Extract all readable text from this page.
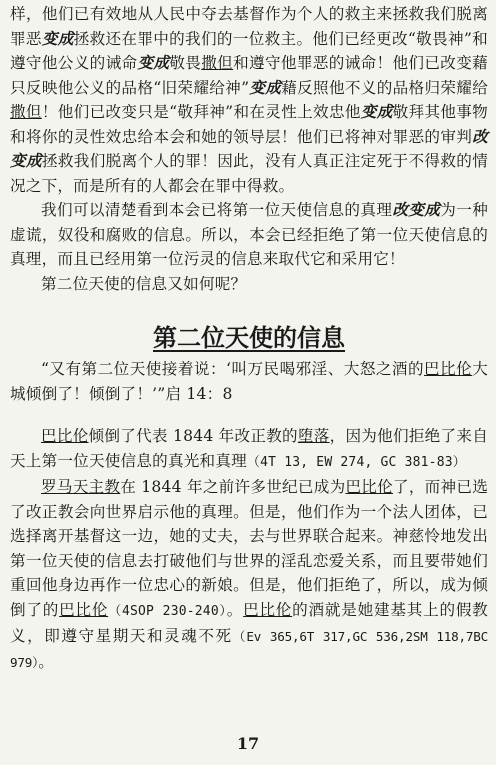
样，他们已有效地从人民中夺去基督作为个人的救主来拯救我们脱离罪恶变成拯救还在罪中的我们的一位救主。他们已经更改“敬畏神”和遵守他公义的诫命变成敬畏撒但和遵守他罪恶的诫命！他们已改变藉只反映他公义的品格“旧荣耀给神”变成藉反照他不义的品格归荣耀给撒但！他们已改变只是“敬拜神”和在灵性上效忠他变成敬拜其他事物和将你的灵性效忠给本会和她的领导层！他们已将神对罪恶的审判改变成拯救我们脱离个人的罪！因此，没有人真正注定死于不得救的情况之下，而是所有的人都会在罪中得救。

我们可以清楚看到本会已将第一位天使信息的真理改变成为一种虚谎，奴役和腐败的信息。所以，本会已经拒绝了第一位天使信息的真理，而且已经用第一位污灵的信息来取代它和采用它！

第二位天使的信息又如何呢？

第二位天使的信息

“又有第二位天使接着说：‘叫万民喝邪淫、大怒之酒的巴比伦大城倾倒了！倾倒了！’”启 14：8

巴比伦倾倒了代表 1844 年改正教的堕落，因为他们拒绝了来自天上第一位天使信息的真光和真理（4T 13, EW 274, GC 381-83）

罗马天主教在 1844 年之前许多世纪已成为巴比伦了，而神已选了改正教会向世界启示他的真理。但是，他们作为一个法人团体，已选择离开基督这一边，她的丈夫，去与世界联合起来。神慈怜地发出第一位天使的信息去打破他们与世界的淫乱恋爱关系，而且要带她们重回他身边再作一位忠心的新娘。但是，他们拒绝了，所以，成为倾倒了的巴比伦（4SOP 230-240）。巴比伦的酒就是她建基其上的假教义，即遵守星期天和灵魂不死（Ev 365,6T 317,GC 536,2SM 118,7BC 979）。

17
